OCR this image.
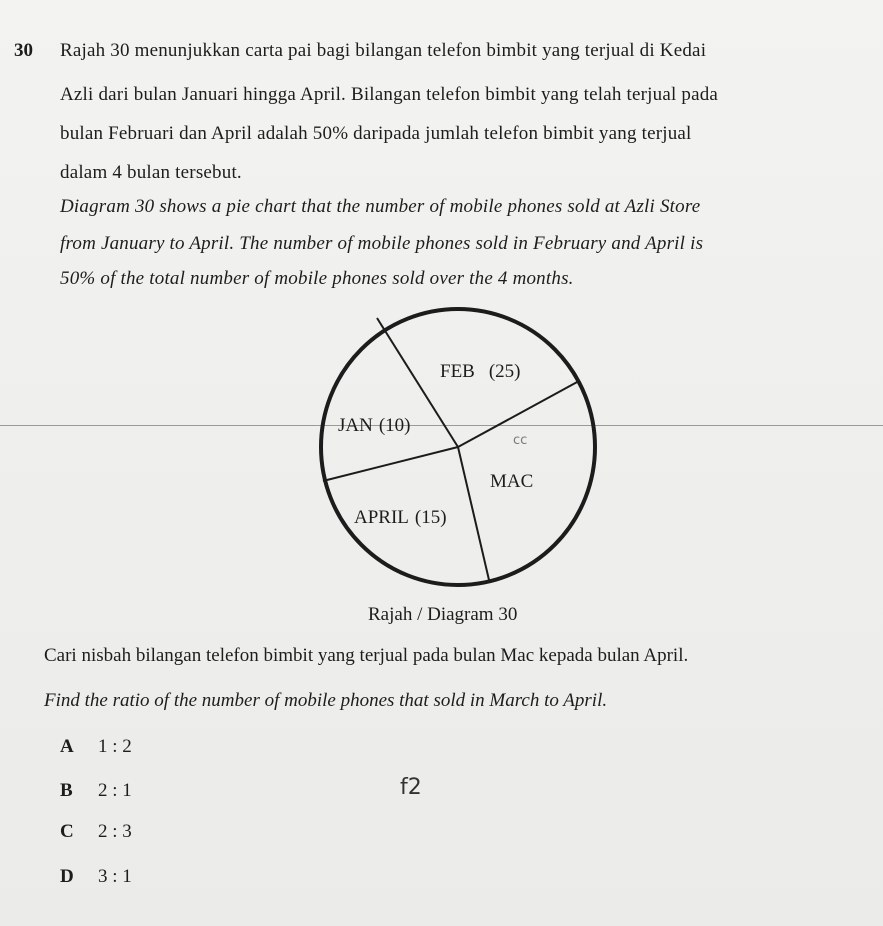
30 Rajah 30 menunjukkan carta pai bagi bilangan telefon bimbit yang terjual di Kedai
Azli dari bulan Januari hingga April. Bilangan telefon bimbit yang telah terjual pada
bulan Februari dan April adalah 50% daripada jumlah telefon bimbit yang terjual
dalam 4 bulan tersebut.
Diagram 30 shows a pie chart that the number of mobile phones sold at Azli Store
from January to April. The number of mobile phones sold in February and April is
50% of the total number of mobile phones sold over the 4 months.
FEB (25)
JAN (10)
MAC
APRIL (15)
cc
Rajah / Diagram 30
Cari nisbah bilangan telefon bimbit yang terjual pada bulan Mac kepada bulan April.
Find the ratio of the number of mobile phones that sold in March to April.
A 1 : 2
B 2 : 1
C 2 : 3
D 3 : 1
f2
